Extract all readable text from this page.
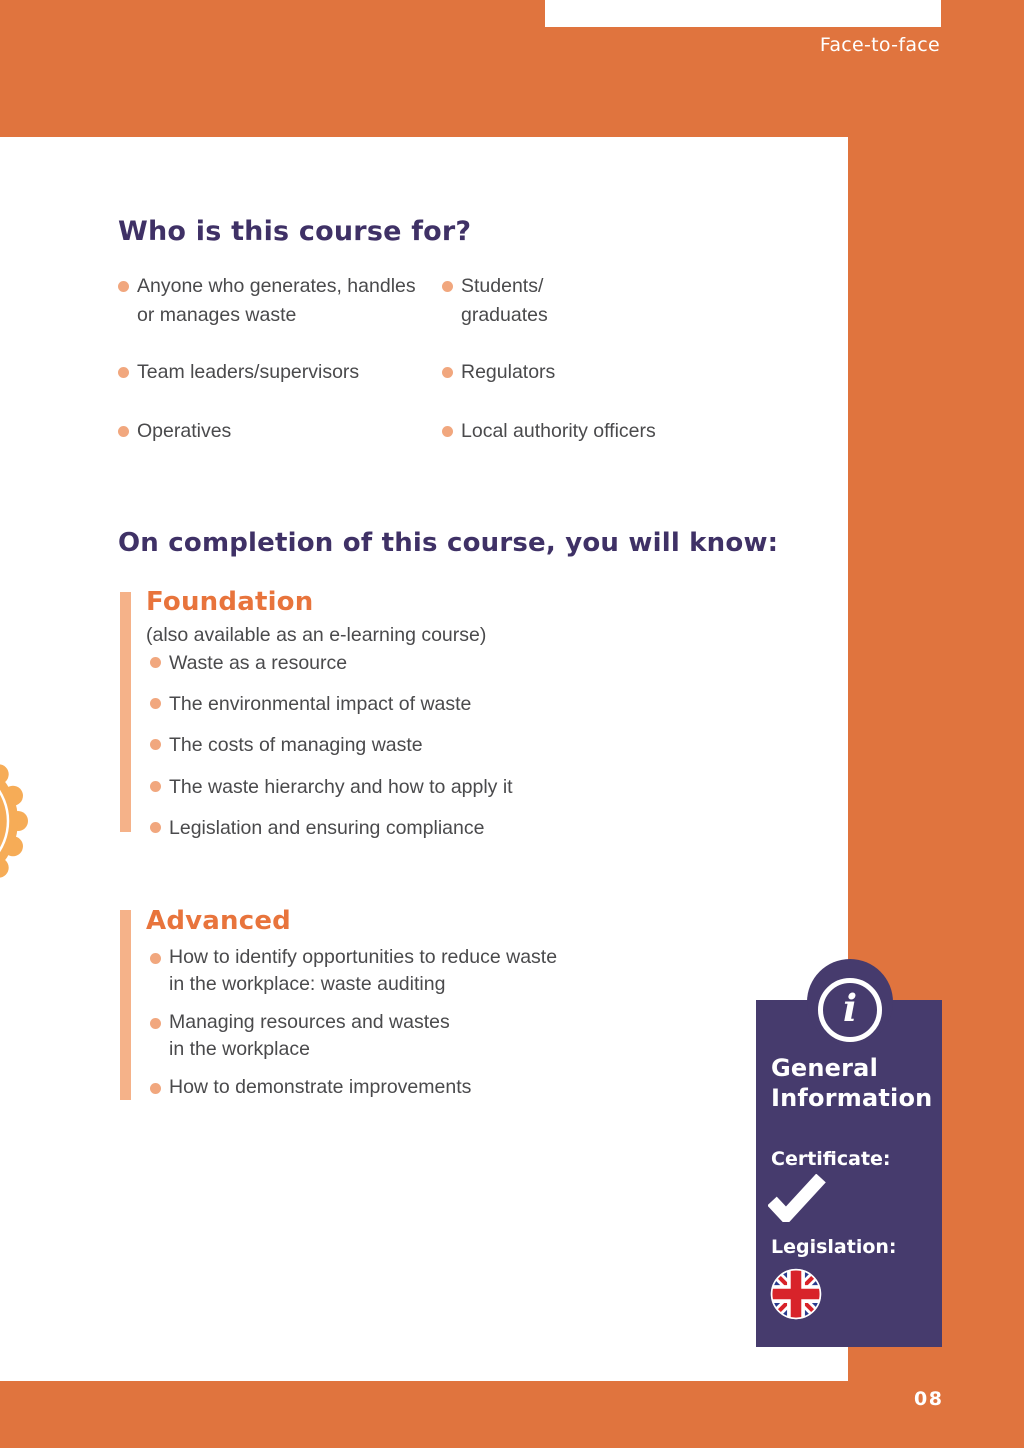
Face-to-face
Who is this course for?
Anyone who generates, handles
or manages waste
Team leaders/supervisors
Operatives
Students/
graduates
Regulators
Local authority officers
On completion of this course, you will know:
Foundation
(also available as an e-learning course)
Waste as a resource
The environmental impact of waste
The costs of managing waste
The waste hierarchy and how to apply it
Legislation and ensuring compliance
Advanced
How to identify opportunities to reduce waste
in the workplace: waste auditing
Managing resources and wastes
in the workplace
How to demonstrate improvements
i
General
Information
Certificate:
Legislation:
08
